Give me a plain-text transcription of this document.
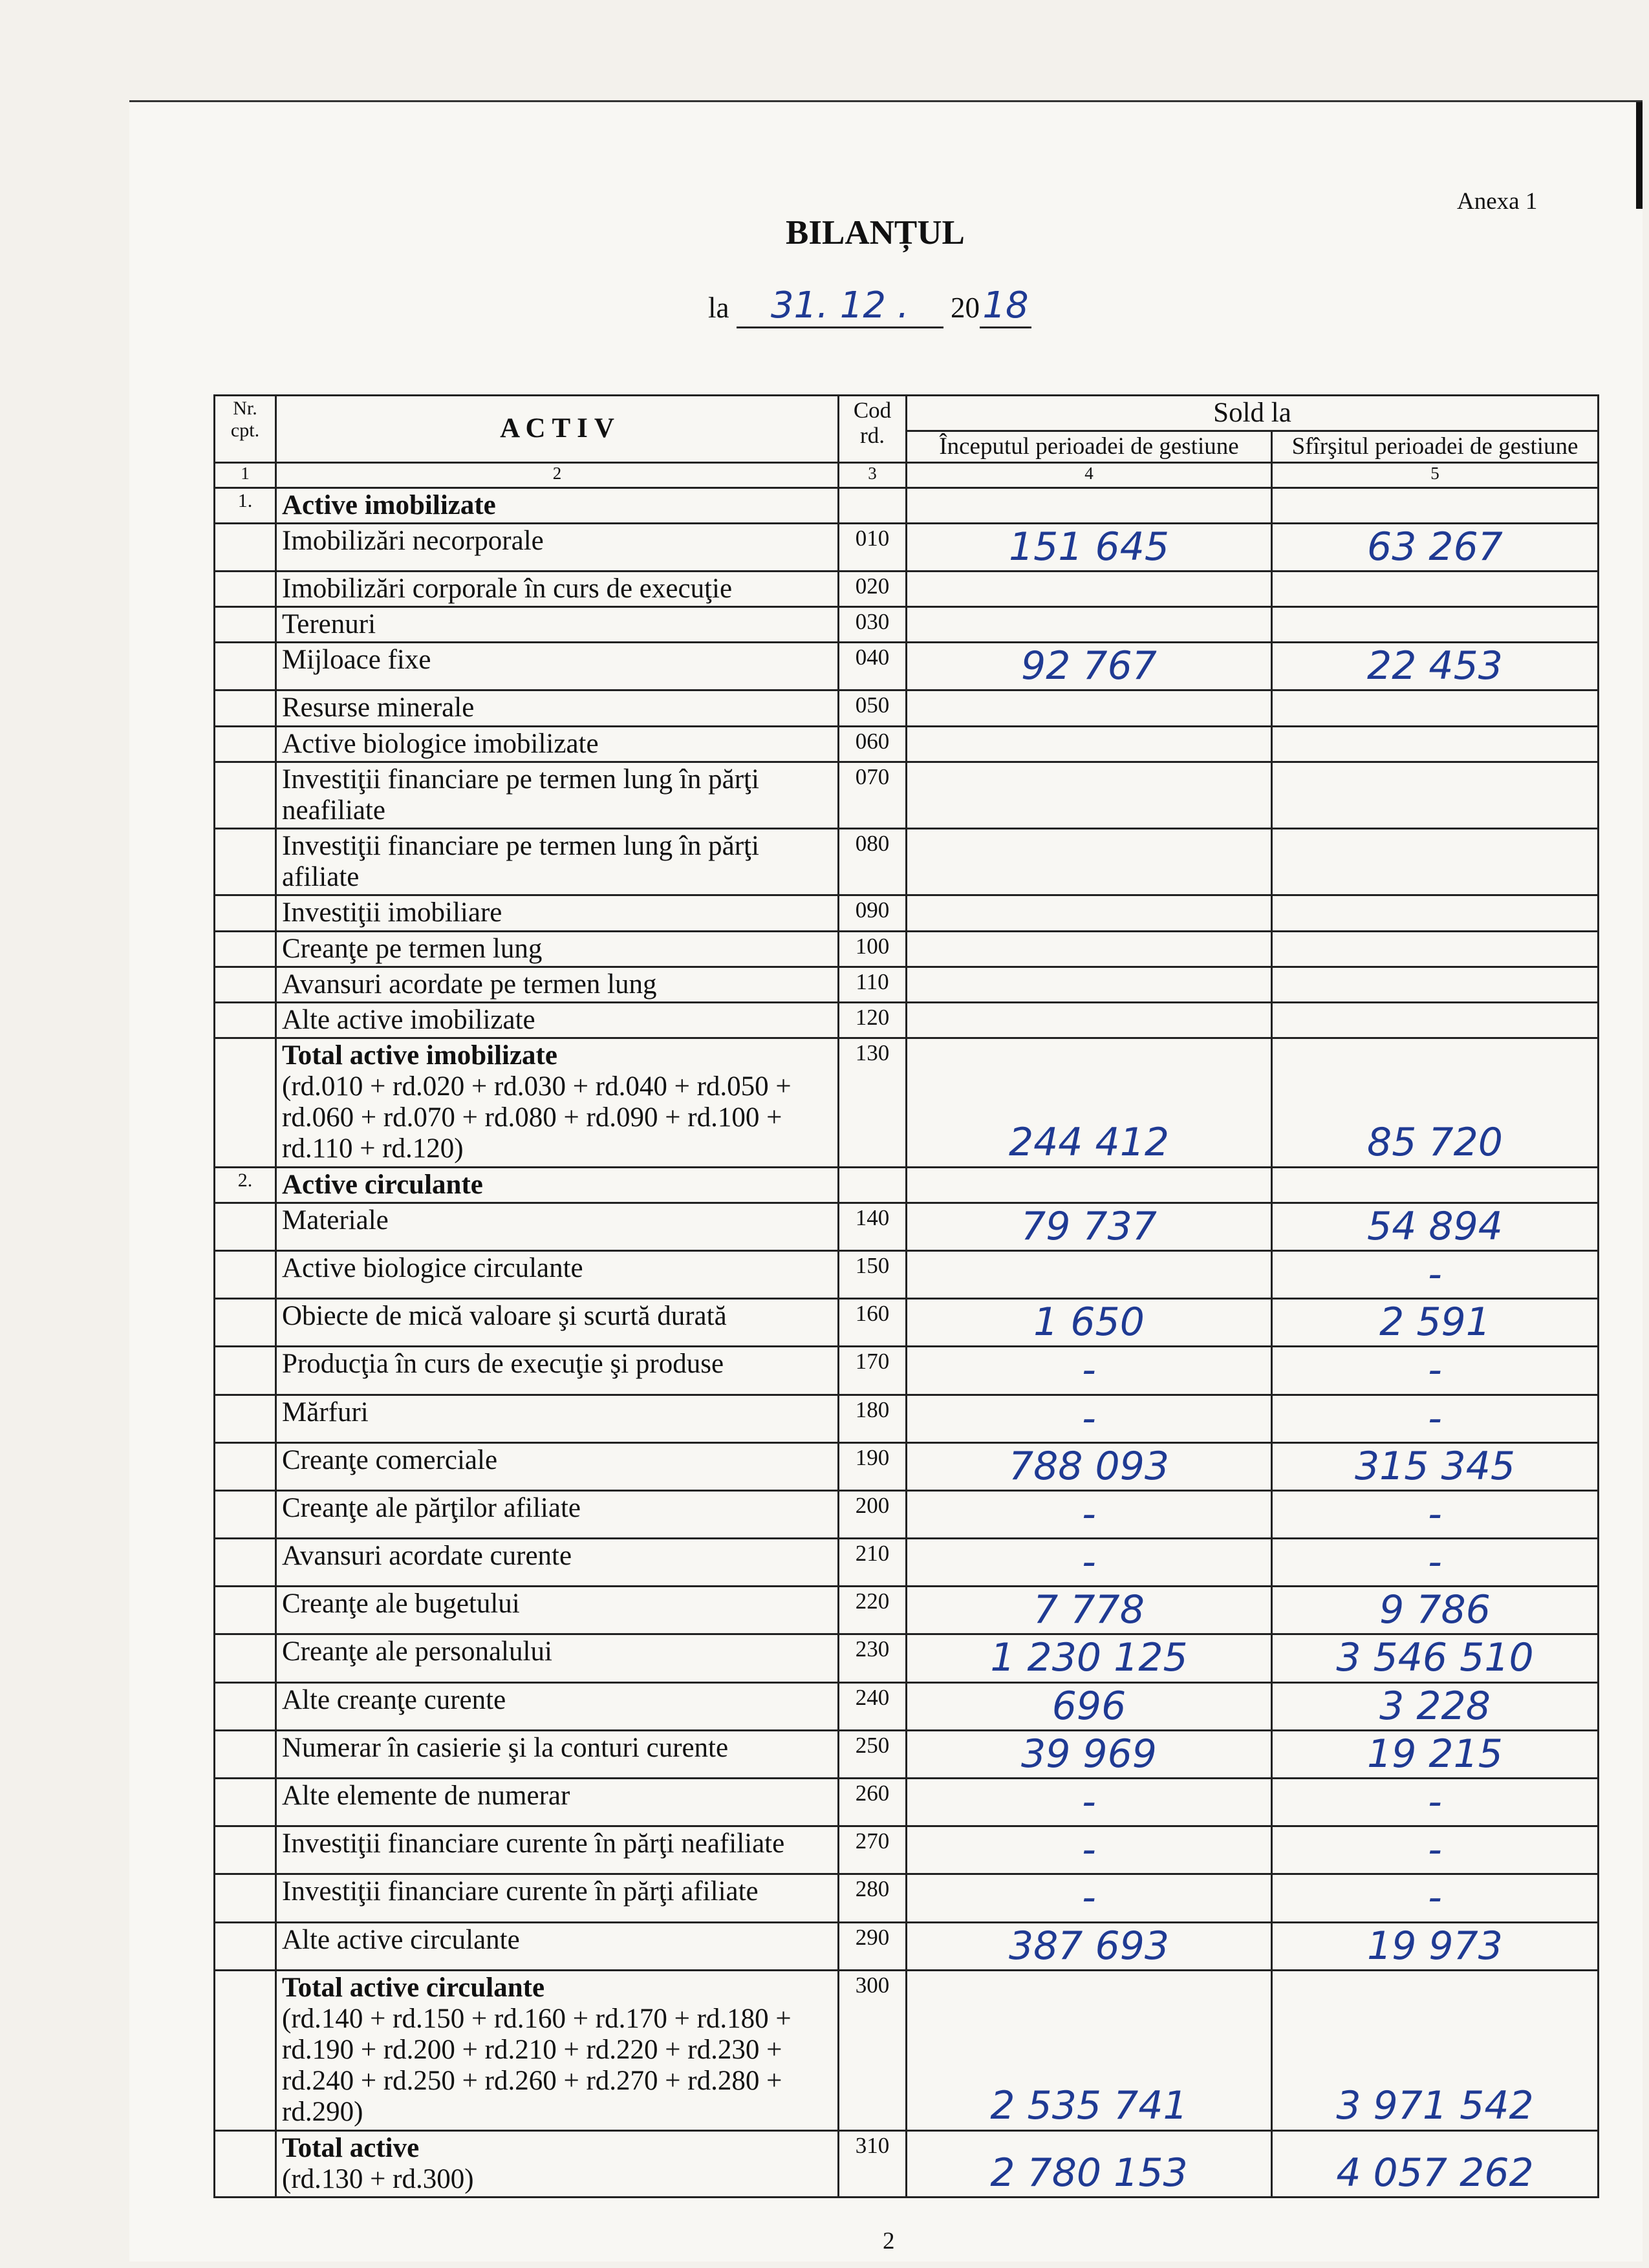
Anexa 1
BILANȚUL
la 31. 12 . 2018
Nr. cpt.	A C T I V	Cod rd.	Sold la	
			Începutul perioadei de gestiune	Sfîrşitul perioadei de gestiune
1	2	3	4	5
1.	Active imobilizate			
	Imobilizări necorporale	010	151 645	63 267
	Imobilizări corporale în curs de execuţie	020		
	Terenuri	030		
	Mijloace fixe	040	92 767	22 453
	Resurse minerale	050		
	Active biologice imobilizate	060		
	Investiţii financiare pe termen lung în părţi neafiliate	070		
	Investiţii financiare pe termen lung în părţi afiliate	080		
	Investiţii imobiliare	090		
	Creanţe pe termen lung	100		
	Avansuri acordate pe termen lung	110		
	Alte active imobilizate	120		
	Total active imobilizate
(rd.010 + rd.020 + rd.030 + rd.040 + rd.050 + rd.060 + rd.070 + rd.080 + rd.090 + rd.100 + rd.110 + rd.120)	130	244 412	85 720
2.	Active circulante			
	Materiale	140	79 737	54 894
	Active biologice circulante	150		-
	Obiecte de mică valoare şi scurtă durată	160	1 650	2 591
	Producţia în curs de execuţie şi produse	170	-	-
	Mărfuri	180	-	-
	Creanţe comerciale	190	788 093	315 345
	Creanţe ale părţilor afiliate	200	-	-
	Avansuri acordate curente	210	-	-
	Creanţe ale bugetului	220	7 778	9 786
	Creanţe ale personalului	230	1 230 125	3 546 510
	Alte creanţe curente	240	696	3 228
	Numerar în casierie şi la conturi curente	250	39 969	19 215
	Alte elemente de numerar	260	-	-
	Investiţii financiare curente în părţi neafiliate	270	-	-
	Investiţii financiare curente în părţi afiliate	280	-	-
	Alte active circulante	290	387 693	19 973
	Total active circulante
(rd.140 + rd.150 + rd.160 + rd.170 + rd.180 + rd.190 + rd.200 + rd.210 + rd.220 + rd.230 + rd.240 + rd.250 + rd.260 + rd.270 + rd.280 + rd.290)	300	2 535 741	3 971 542
	Total active
(rd.130 + rd.300)	310	2 780 153	4 057 262
2
